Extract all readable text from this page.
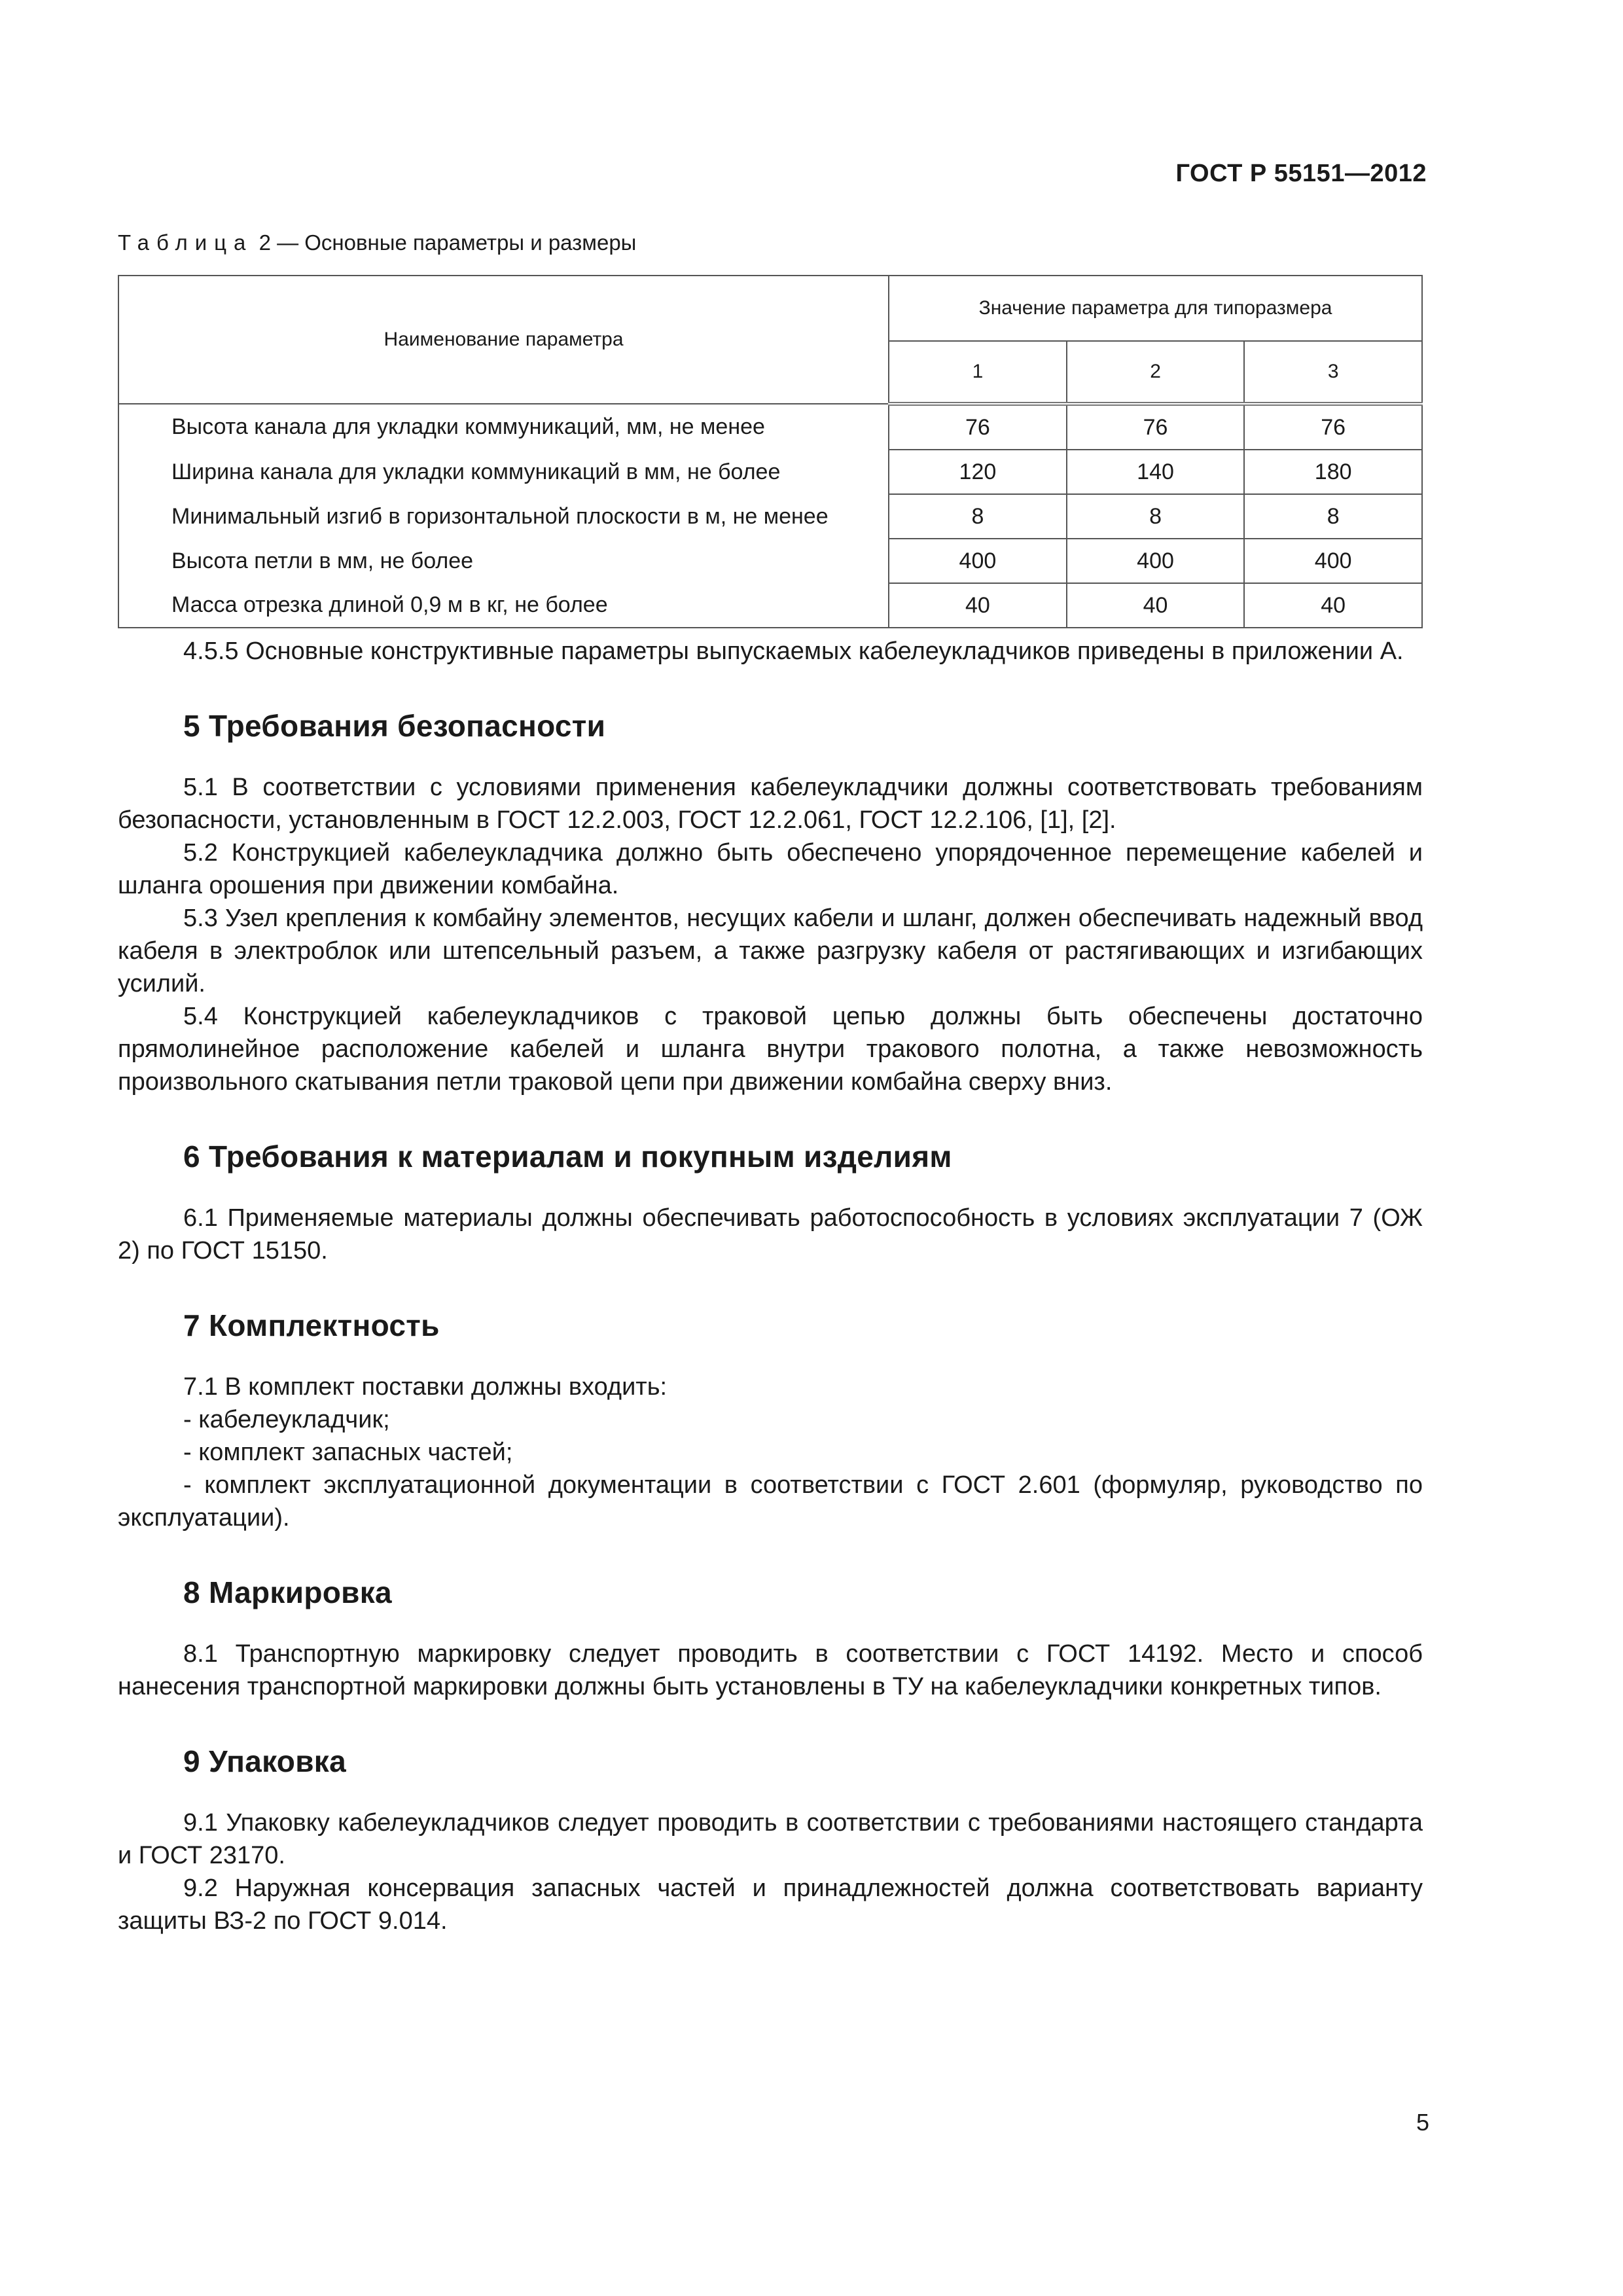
ГОСТ Р 55151—2012
Таблица 2 — Основные параметры и размеры
Наименование параметра	Значение параметра для типоразмера		
	1	2	3
Высота канала для укладки коммуникаций, мм, не менее	76	76	76
Ширина канала для укладки коммуникаций в мм, не более	120	140	180
Минимальный изгиб в горизонтальной плоскости в м, не менее	8	8	8
Высота петли в мм, не более	400	400	400
Масса отрезка длиной 0,9 м в кг, не более	40	40	40

4.5.5 Основные конструктивные параметры выпускаемых кабелеукладчиков приведены в приложении А.

5 Требования безопасности

5.1 В соответствии с условиями применения кабелеукладчики должны соответствовать требованиям безопасности, установленным в ГОСТ 12.2.003, ГОСТ 12.2.061, ГОСТ 12.2.106, [1], [2].

5.2 Конструкцией кабелеукладчика должно быть обеспечено упорядоченное перемещение кабелей и шланга орошения при движении комбайна.

5.3 Узел крепления к комбайну элементов, несущих кабели и шланг, должен обеспечивать надежный ввод кабеля в электроблок или штепсельный разъем, а также разгрузку кабеля от растягивающих и изгибающих усилий.

5.4 Конструкцией кабелеукладчиков с траковой цепью должны быть обеспечены достаточно прямолинейное расположение кабелей и шланга внутри тракового полотна, а также невозможность произвольного скатывания петли траковой цепи при движении комбайна сверху вниз.

6 Требования к материалам и покупным изделиям

6.1 Применяемые материалы должны обеспечивать работоспособность в условиях эксплуатации 7 (ОЖ 2) по ГОСТ 15150.

7 Комплектность

7.1 В комплект поставки должны входить:

- кабелеукладчик;

- комплект запасных частей;

- комплект эксплуатационной документации в соответствии с ГОСТ 2.601 (формуляр, руководство по эксплуатации).

8 Маркировка

8.1 Транспортную маркировку следует проводить в соответствии с ГОСТ 14192. Место и способ нанесения транспортной маркировки должны быть установлены в ТУ на кабелеукладчики конкретных типов.

9 Упаковка

9.1 Упаковку кабелеукладчиков следует проводить в соответствии с требованиями настоящего стандарта и ГОСТ 23170.

9.2 Наружная консервация запасных частей и принадлежностей должна соответствовать варианту защиты ВЗ-2 по ГОСТ 9.014.

5
